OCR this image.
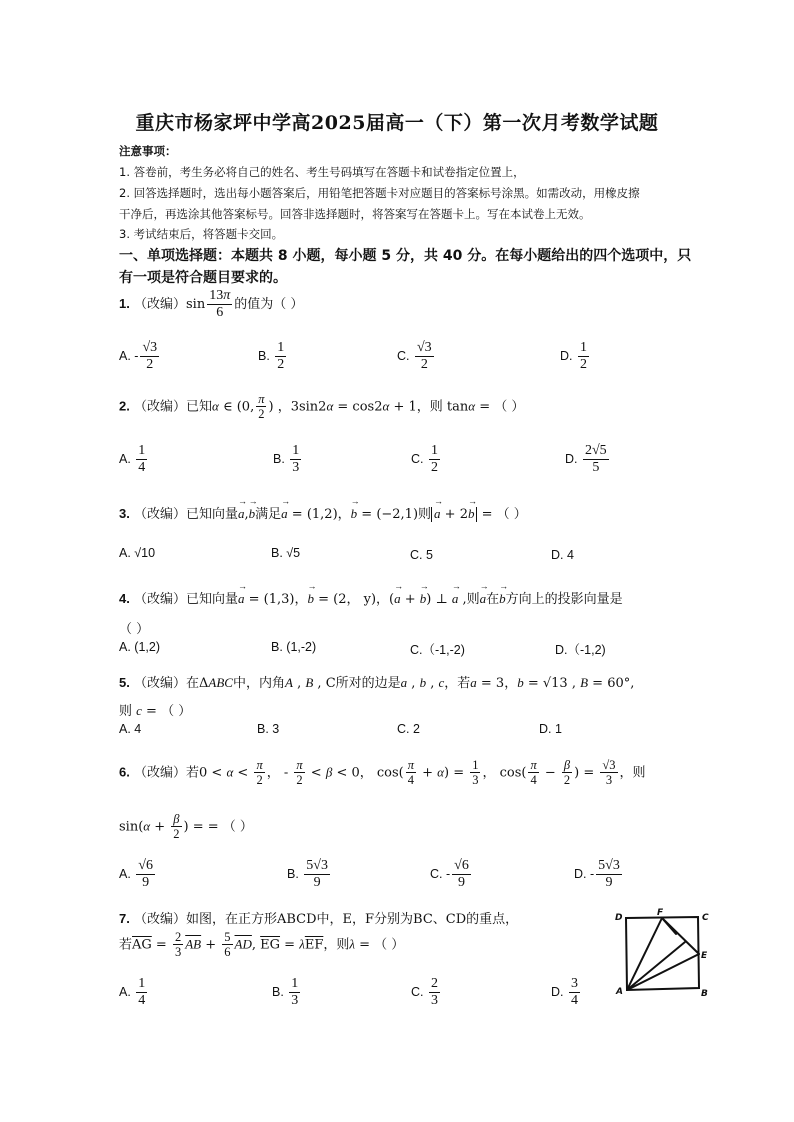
重庆市杨家坪中学高2025届高一（下）第一次月考数学试题
注意事项：
1. 答卷前，考生务必将自己的姓名、考生号码填写在答题卡和试卷指定位置上，
2. 回答选择题时，选出每小题答案后，用铅笔把答题卡对应题目的答案标号涂黑。如需改动，用橡皮擦
干净后，再选涂其他答案标号。回答非选择题时，将答案写在答题卡上。写在本试卷上无效。
3. 考试结束后，将答题卡交回。
一、单项选择题：本题共 8 小题，每小题 5 分，共 40 分。在每小题给出的四个选项中，只
有一项是符合题目要求的。
1. （改编）$\sin \frac{13\pi}{6}$ 的值为（ ）
A. - $\frac{√3}{2}$	B. $\frac{1}{2}$	C. $\frac{√3}{2}$	D. $\frac{1}{2}$
2. （改编）已知α ∈ (0, $\frac{\pi}{2}$ ) ，3sin2α = cos2α + 1，则 tanα = （ ）
A. $\frac{1}{4}$	B. $\frac{1}{3}$	C. $\frac{1}{2}$	D. $\frac{2√5}{5}$
3. （改编）已知向量→ a,→ b满足→ a = (1,2)，→ b = (−2,1)则 → a + 2→ b = （ ）
A. √10	B. √5	C. 5	D. 4
4. （改编）已知向量→ a = (1,3)，→ b = (2， y)，(→ a + → b) ⊥ → a ,则→ a在→ b方向上的投影向量是
（ ）
A. (1,2)	B. (1,-2)	C.（-1,-2)	D.（-1,2)
5. （改编）在ΔABC中，内角A , B , C所对的边是a , b , c，若a = 3，b = √13 , B = 60°,
则 c = （ ）
A. 4	B. 3	C. 2	D. 1
6. （改编）若$0 < \alpha < \frac{\pi}{2}$ ， - $\frac{\pi}{2} < \beta < 0$， $\cos( \frac{\pi}{4} + \alpha) = \frac{1}{3}$ ， $\cos( \frac{\pi}{4} - \frac{\beta}{2}$ ) = $\frac{√3}{3}$ ，则
$\sin(\alpha + \frac{\beta}{2}$ ) = = （ ）
A. $\frac{√6}{9}$	B. $\frac{5√3}{9}$	C. - $\frac{√6}{9}$	D. - $\frac{5√3}{9}$
7. （改编）如图，在正方形ABCD中，E，F分别为BC、CD的重点，
若$\overline{AG} = \frac{2}{3} \overline{AB} + \frac{5}{6} \overline{AD}$, $\overline{EG} = \lambda\overline{EF}$，则λ = （ ）
A. $\frac{1}{4}$	B. $\frac{1}{3}$	C. $\frac{2}{3}$	D. $\frac{3}{4}$
D	F	C
E
A	B
